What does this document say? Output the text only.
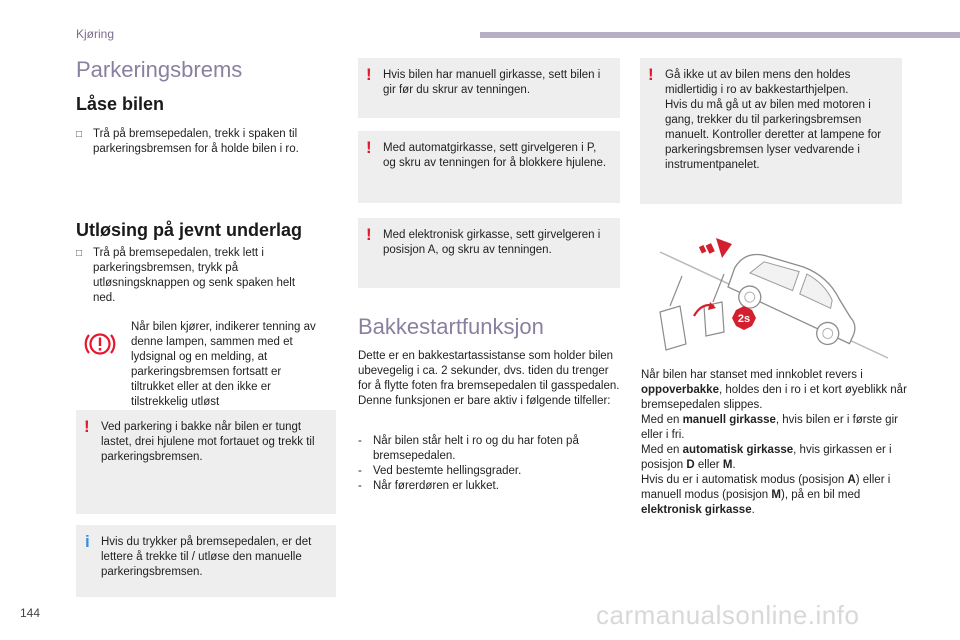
Kjøring
Parkeringsbrems
Låse bilen
□ Trå på bremsepedalen, trekk i spaken til parkeringsbremsen for å holde bilen i ro.
Utløsing på jevnt underlag
□ Trå på bremsepedalen, trekk lett i parkeringsbremsen, trykk på utløsningsknappen og senk spaken helt ned.
Når bilen kjører, indikerer tenning av denne lampen, sammen med et lydsignal og en melding, at parkeringsbremsen fortsatt er tiltrukket eller at den ikke er tilstrekkelig utløst
! Ved parkering i bakke når bilen er tungt lastet, drei hjulene mot fortauet og trekk til parkeringsbremsen.
i Hvis du trykker på bremsepedalen, er det lettere å trekke til / utløse den manuelle parkeringsbremsen.
! Hvis bilen har manuell girkasse, sett bilen i gir før du skrur av tenningen.
! Med automatgirkasse, sett girvelgeren i P, og skru av tenningen for å blokkere hjulene.
! Med elektronisk girkasse, sett girvelgeren i posisjon A, og skru av tenningen.
Bakkestartfunksjon
Dette er en bakkestartassistanse som holder bilen ubevegelig i ca. 2 sekunder, dvs. tiden du trenger for å flytte foten fra bremsepedalen til gasspedalen.
Denne funksjonen er bare aktiv i følgende tilfeller:
- Når bilen står helt i ro og du har foten på bremsepedalen.
- Ved bestemte hellingsgrader.
- Når førerdøren er lukket.
! Gå ikke ut av bilen mens den holdes midlertidig i ro av bakkestarthjelpen.
Hvis du må gå ut av bilen med motoren i gang, trekker du til parkeringsbremsen manuelt. Kontroller deretter at lampene for parkeringsbremsen lyser vedvarende i instrumentpanelet.
2s
Når bilen har stanset med innkoblet revers i oppoverbakke, holdes den i ro i et kort øyeblikk når bremsepedalen slippes.
Med en manuell girkasse, hvis bilen er i første gir eller i fri.
Med en automatisk girkasse, hvis girkassen er i posisjon D eller M.
Hvis du er i automatisk modus (posisjon A) eller i manuell modus (posisjon M), på en bil med elektronisk girkasse.
144	carmanualsonline.info
